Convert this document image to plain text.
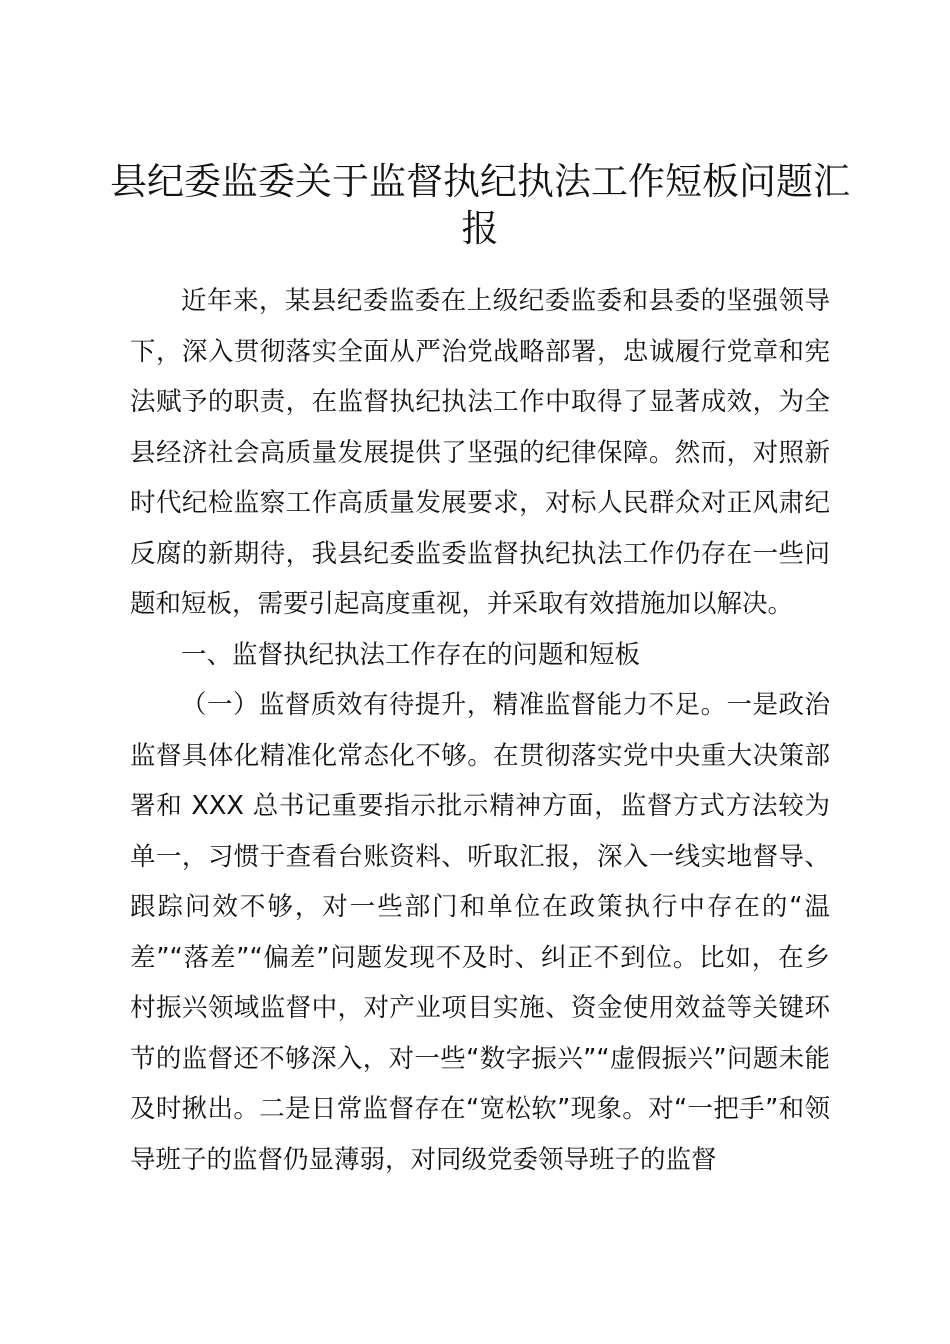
县纪委监委关于监督执纪执法工作短板问题汇报

近年来，某县纪委监委在上级纪委监委和县委的坚强领导下，深入贯彻落实全面从严治党战略部署，忠诚履行党章和宪法赋予的职责，在监督执纪执法工作中取得了显著成效，为全县经济社会高质量发展提供了坚强的纪律保障。然而，对照新时代纪检监察工作高质量发展要求，对标人民群众对正风肃纪反腐的新期待，我县纪委监委监督执纪执法工作仍存在一些问题和短板，需要引起高度重视，并采取有效措施加以解决。

一、监督执纪执法工作存在的问题和短板

（一）监督质效有待提升，精准监督能力不足。一是政治监督具体化精准化常态化不够。在贯彻落实党中央重大决策部署和 XXX 总书记重要指示批示精神方面，监督方式方法较为单一，习惯于查看台账资料、听取汇报，深入一线实地督导、跟踪问效不够，对一些部门和单位在政策执行中存在的“温差”“落差”“偏差”问题发现不及时、纠正不到位。比如，在乡村振兴领域监督中，对产业项目实施、资金使用效益等关键环节的监督还不够深入，对一些“数字振兴”“虚假振兴”问题未能及时揪出。二是日常监督存在“宽松软”现象。对“一把手”和领导班子的监督仍显薄弱，对同级党委领导班子的监督
